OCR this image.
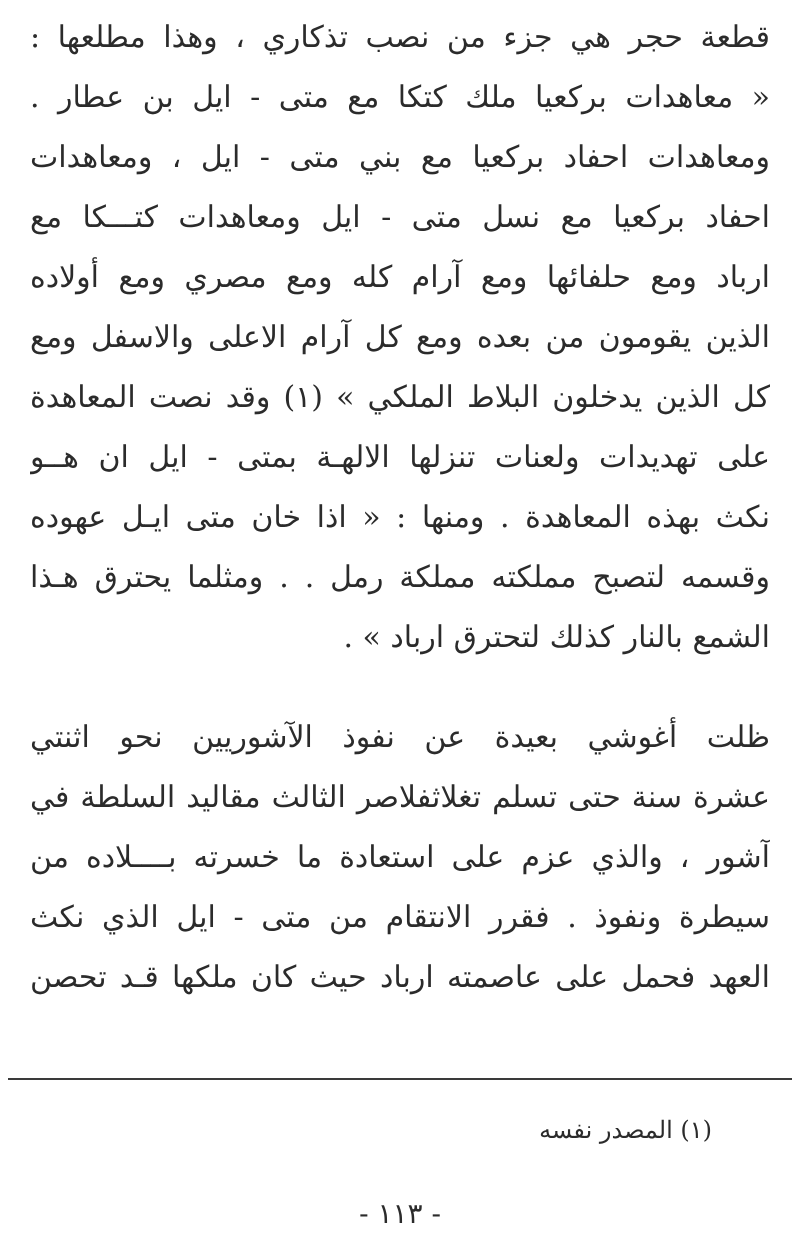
قطعة حجر هي جزء من نصب تذكاري ، وهذا مطلعها :
« معاهدات بركعيا ملك كتكا مع متى - ايل بن عطار .
ومعاهدات احفاد بركعيا مع بني متى - ايل ، ومعاهدات
احفاد بركعيا مع نسل متى - ايل ومعاهدات كتـــكا مع
ارباد ومع حلفائها ومع آرام كله ومع مصري ومع أولاده
الذين يقومون من بعده ومع كل آرام الاعلى والاسفل ومع
كل الذين يدخلون البلاط الملكي » (١) وقد نصت المعاهدة
على تهديدات ولعنات تنزلها الالهـة بمتى - ايل ان هــو
نكث بهذه المعاهدة . ومنها : « اذا خان متى ايـل عهوده
وقسمه لتصبح مملكته مملكة رمل . . ومثلما يحترق هـذا
الشمع بالنار كذلك لتحترق ارباد » .
ظلت أغوشي بعيدة عن نفوذ الآشوريين نحو اثنتي
عشرة سنة حتى تسلم تغلاثفلاصر الثالث مقاليد السلطة في
آشور ، والذي عزم على استعادة ما خسرته بــــلاده من
سيطرة ونفوذ . فقرر الانتقام من متى - ايل الذي نكث
العهد فحمل على عاصمته ارباد حيث كان ملكها قـد تحصن
(١) المصدر نفسه
- ١١٣ -
